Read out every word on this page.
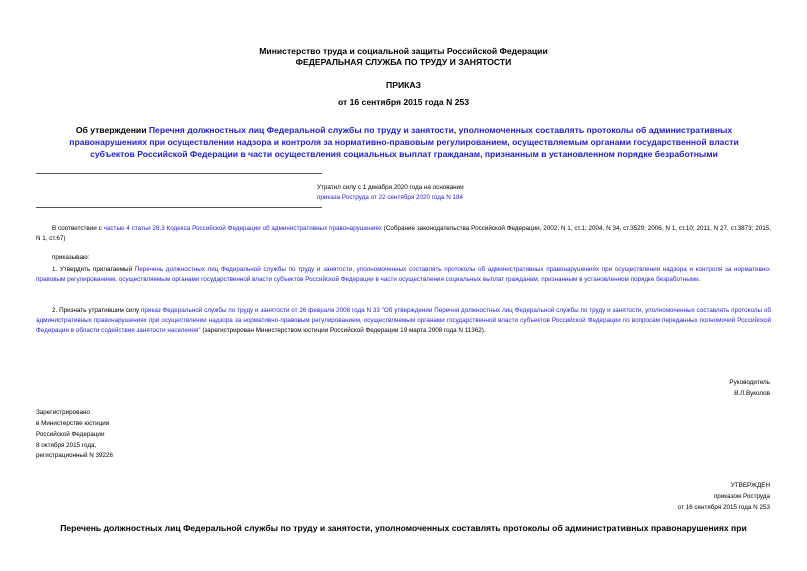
Министерство труда и социальной защиты Российской Федерации
ФЕДЕРАЛЬНАЯ СЛУЖБА ПО ТРУДУ И ЗАНЯТОСТИ
ПРИКАЗ
от 16 сентября 2015 года N 253
Об утверждении Перечня должностных лиц Федеральной службы по труду и занятости, уполномоченных составлять протоколы об административных правонарушениях при осуществлении надзора и контроля за нормативно-правовым регулированием, осуществляемым органами государственной власти субъектов Российской Федерации в части осуществления социальных выплат гражданам, признанным в установленном порядке безработными
Утратил силу с 1 декабря 2020 года на основании
приказа Роструда от 22 сентября 2020 года N 184
В соответствии с частью 4 статьи 28.3 Кодекса Российской Федерации об административных правонарушениях (Собрание законодательства Российской Федерации, 2002, N 1, ст.1; 2004, N 34, ст.3529; 2006, N 1, ст.10; 2011, N 27, ст.3873; 2015, N 1, ст.67)
приказываю:
1. Утвердить прилагаемый Перечень должностных лиц Федеральной службы по труду и занятости, уполномоченных составлять протоколы об административных правонарушениях при осуществлении надзора и контроля за нормативно-правовым регулированием, осуществляемым органами государственной власти субъектов Российской Федерации в части осуществления социальных выплат гражданам, признанным в установленном порядке безработными.
2. Признать утратившим силу приказ Федеральной службы по труду и занятости от 26 февраля 2008 года N 33 "Об утверждении Перечня должностных лиц Федеральной службы по труду и занятости, уполномоченных составлять протоколы об административных правонарушениях при осуществлении надзора за нормативно-правовым регулированием, осуществляемым органами государственной власти субъектов Российской Федерации по вопросам переданных полномочий Российской Федерации в области содействия занятости населения" (зарегистрирован Министерством юстиции Российской Федерации 19 марта 2008 года N 11362).
Руководитель
В.Л.Вуколов
Зарегистрировано
в Министерстве юстиции
Российской Федерации
8 октября 2015 года,
регистрационный N 39226
УТВЕРЖДЕН
приказом Роструда
от 16 сентября 2015 года N 253
Перечень должностных лиц Федеральной службы по труду и занятости, уполномоченных составлять протоколы об административных правонарушениях при
